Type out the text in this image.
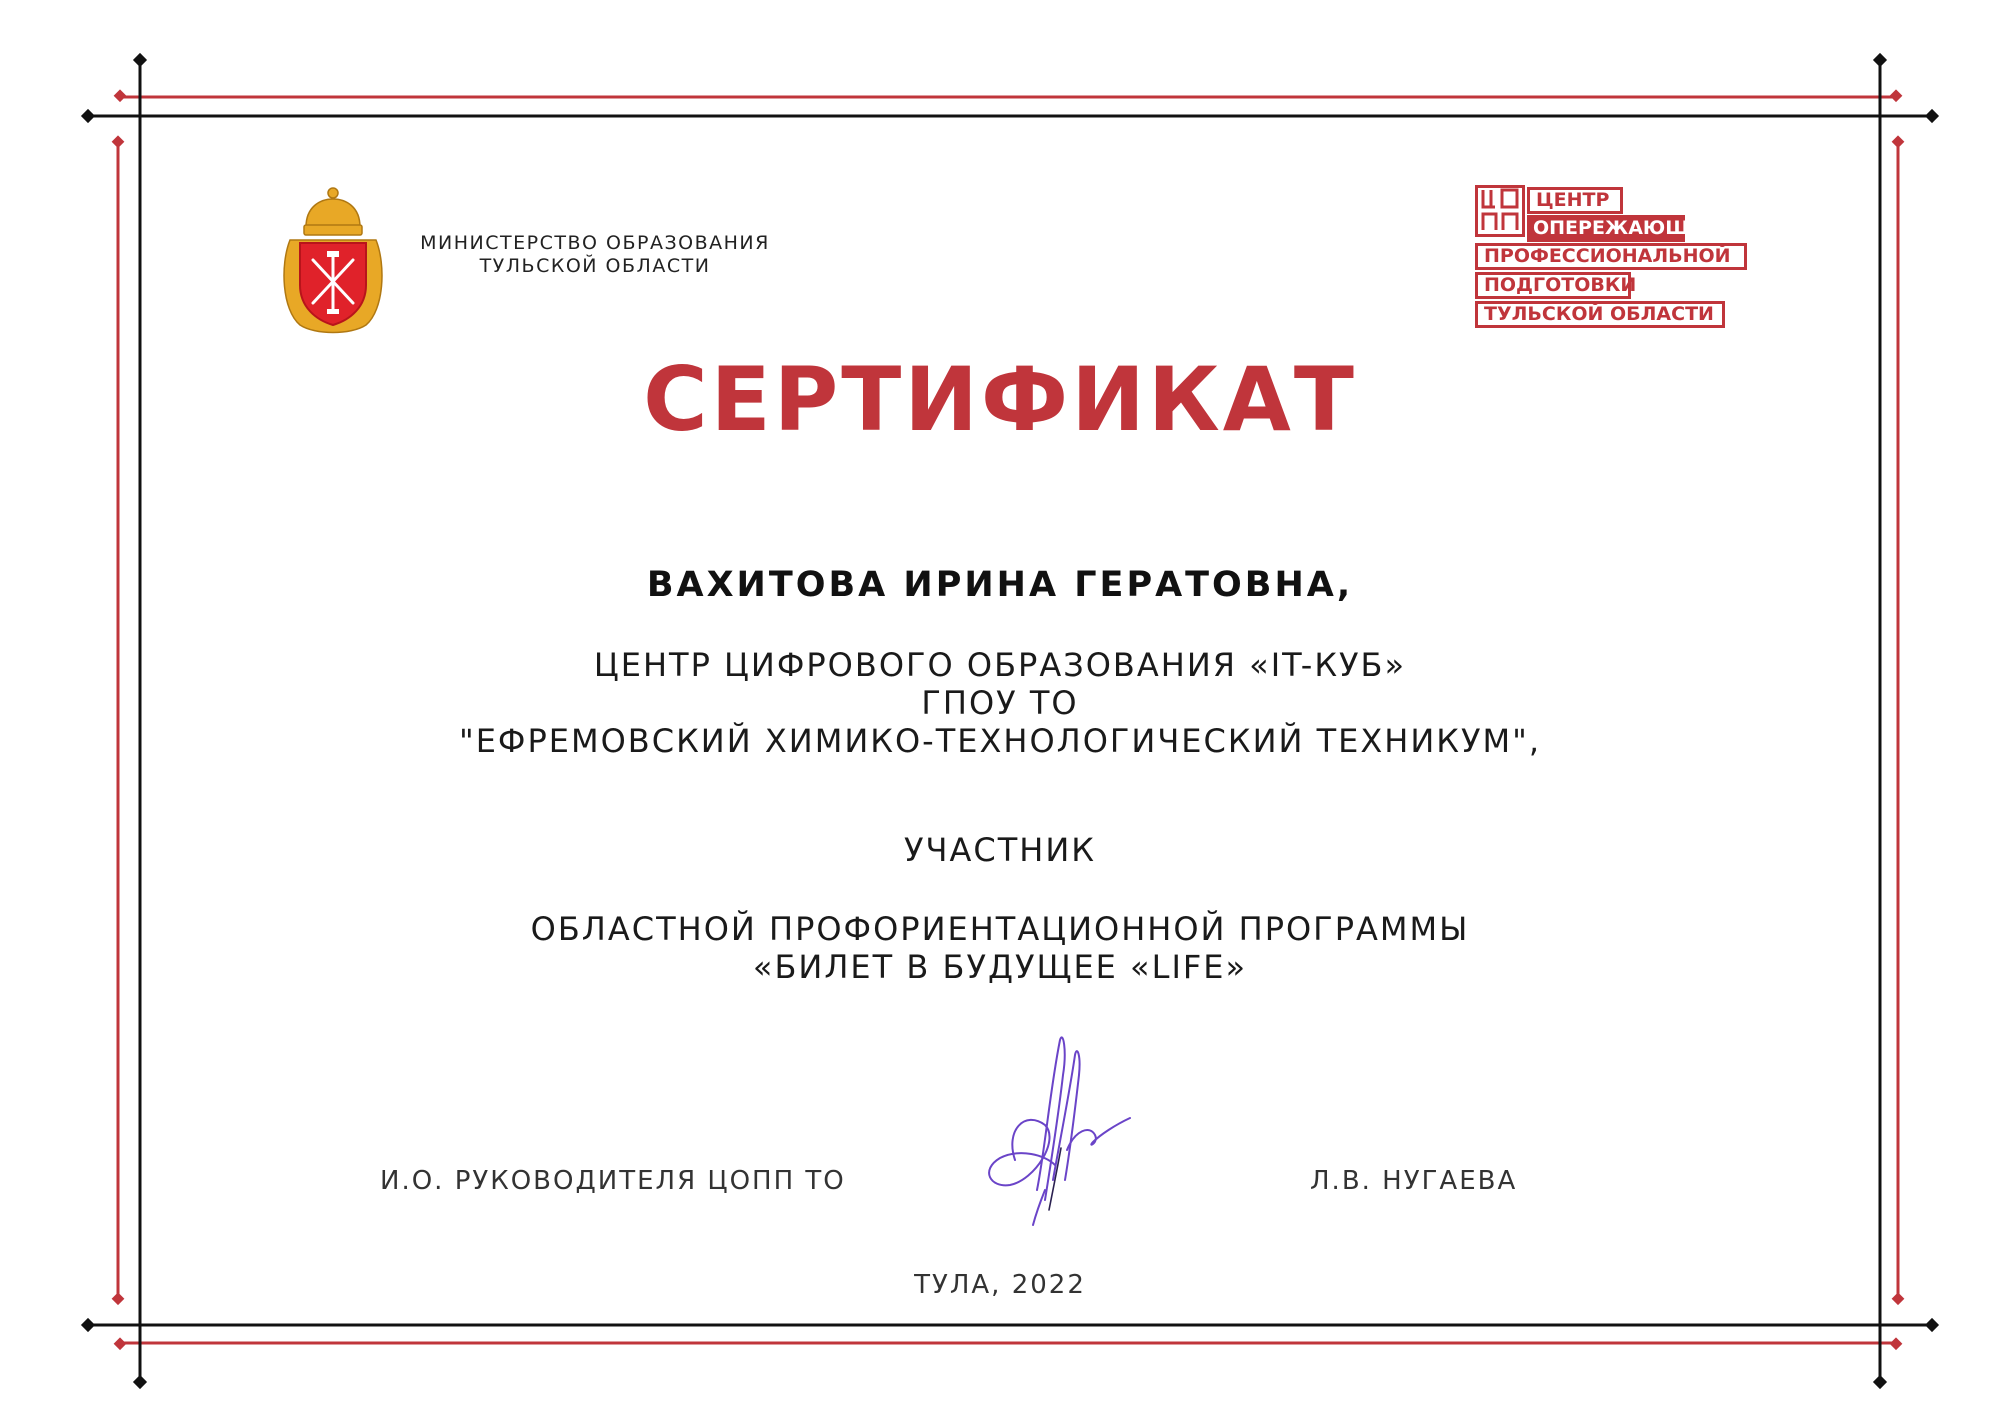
МИНИСТЕРСТВО ОБРАЗОВАНИЯ
ТУЛЬСКОЙ ОБЛАСТИ
ЦЕНТР
ОПЕРЕЖАЮЩЕЙ
ПРОФЕССИОНАЛЬНОЙ
ПОДГОТОВКИ
ТУЛЬСКОЙ ОБЛАСТИ
СЕРТИФИКАТ
ВАХИТОВА ИРИНА ГЕРАТОВНА,
ЦЕНТР ЦИФРОВОГО ОБРАЗОВАНИЯ «IT-КУБ»
ГПОУ ТО
"ЕФРЕМОВСКИЙ ХИМИКО-ТЕХНОЛОГИЧЕСКИЙ ТЕХНИКУМ",
УЧАСТНИК
ОБЛАСТНОЙ ПРОФОРИЕНТАЦИОННОЙ ПРОГРАММЫ
«БИЛЕТ В БУДУЩЕЕ «LIFE»
И.О. РУКОВОДИТЕЛЯ ЦОПП ТО	Л.В. НУГАЕВА
ТУЛА, 2022
